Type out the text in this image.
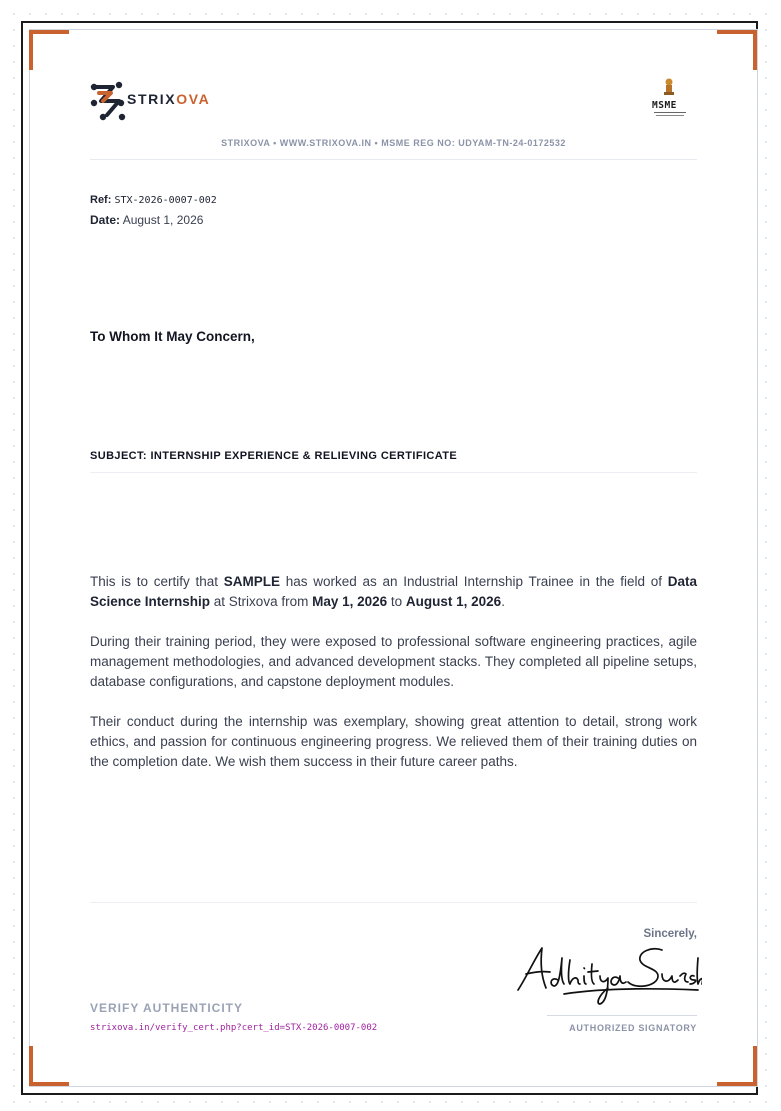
STRIXOVA	MSME
STRIXOVA • WWW.STRIXOVA.IN • MSME REG NO: UDYAM-TN-24-0172532
Ref: STX-2026-0007-002
Date: August 1, 2026
To Whom It May Concern,
SUBJECT: INTERNSHIP EXPERIENCE & RELIEVING CERTIFICATE
This is to certify that SAMPLE has worked as an Industrial Internship Trainee in the field of Data Science Internship at Strixova from May 1, 2026 to August 1, 2026.
During their training period, they were exposed to professional software engineering practices, agile management methodologies, and advanced development stacks. They completed all pipeline setups, database configurations, and capstone deployment modules.
Their conduct during the internship was exemplary, showing great attention to detail, strong work ethics, and passion for continuous engineering progress. We relieved them of their training duties on the completion date. We wish them success in their future career paths.
Sincerely,
AUTHORIZED SIGNATORY
VERIFY AUTHENTICITY
strixova.in/verify_cert.php?cert_id=STX-2026-0007-002
